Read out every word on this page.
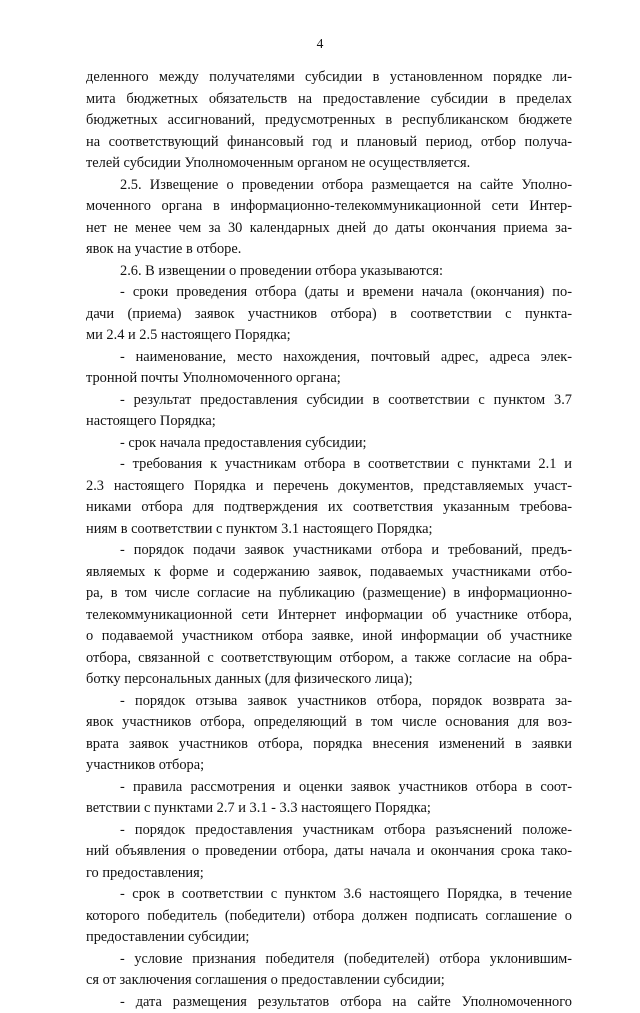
4
деленного между получателями субсидии в установленном порядке ли-
мита бюджетных обязательств на предоставление субсидии в пределах
бюджетных ассигнований, предусмотренных в республиканском бюджете
на соответствующий финансовый год и плановый период, отбор получа-
телей субсидии Уполномоченным органом не осуществляется.
2.5. Извещение о проведении отбора размещается на сайте Уполно-
моченного органа в информационно-телекоммуникационной сети Интер-
нет не менее чем за 30 календарных дней до даты окончания приема за-
явок на участие в отборе.
2.6. В извещении о проведении отбора указываются:
- сроки проведения отбора (даты и времени начала (окончания) по-
дачи (приема) заявок участников отбора) в соответствии с пункта-
ми 2.4 и 2.5 настоящего Порядка;
- наименование, место нахождения, почтовый адрес, адреса элек-
тронной почты Уполномоченного органа;
- результат предоставления субсидии в соответствии с пунктом 3.7
настоящего Порядка;
- срок начала предоставления субсидии;
- требования к участникам отбора в соответствии с пунктами 2.1 и
2.3 настоящего Порядка и перечень документов, представляемых участ-
никами отбора для подтверждения их соответствия указанным требова-
ниям в соответствии с пунктом 3.1 настоящего Порядка;
- порядок подачи заявок участниками отбора и требований, предъ-
являемых к форме и содержанию заявок, подаваемых участниками отбо-
ра, в том числе согласие на публикацию (размещение) в информационно-
телекоммуникационной сети Интернет информации об участнике отбора,
о подаваемой участником отбора заявке, иной информации об участнике
отбора, связанной с соответствующим отбором, а также согласие на обра-
ботку персональных данных (для физического лица);
- порядок отзыва заявок участников отбора, порядок возврата за-
явок участников отбора, определяющий в том числе основания для воз-
врата заявок участников отбора, порядка внесения изменений в заявки
участников отбора;
- правила рассмотрения и оценки заявок участников отбора в соот-
ветствии с пунктами 2.7 и 3.1 - 3.3 настоящего Порядка;
- порядок предоставления участникам отбора разъяснений положе-
ний объявления о проведении отбора, даты начала и окончания срока тако-
го предоставления;
- срок в соответствии с пунктом 3.6 настоящего Порядка, в течение
которого победитель (победители) отбора должен подписать соглашение о
предоставлении субсидии;
- условие признания победителя (победителей) отбора уклонившим-
ся от заключения соглашения о предоставлении субсидии;
- дата размещения результатов отбора на сайте Уполномоченного
